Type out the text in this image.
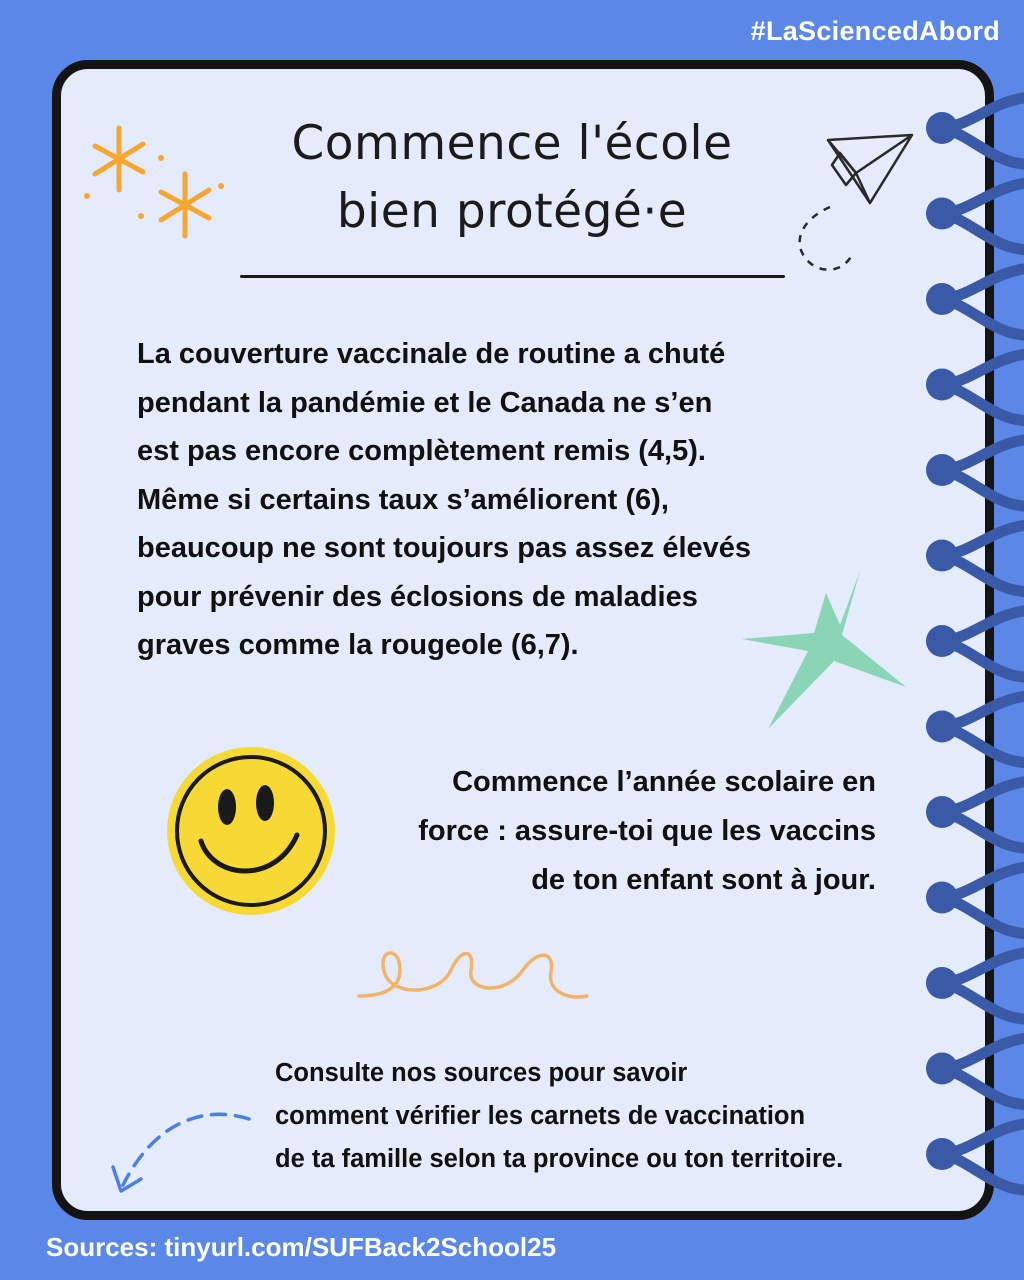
#LaSciencedAbord
Commence l'école
bien protégé·e

La couverture vaccinale de routine a chuté

pendant la pandémie et le Canada ne s’en

est pas encore complètement remis (4,5).

Même si certains taux s’améliorent (6),

beaucoup ne sont toujours pas assez élevés

pour prévenir des éclosions de maladies

graves comme la rougeole (6,7).

Commence l’année scolaire en

force : assure-toi que les vaccins

de ton enfant sont à jour.

Consulte nos sources pour savoir

comment vérifier les carnets de vaccination

de ta famille selon ta province ou ton territoire.

Sources: tinyurl.com/SUFBack2School25
